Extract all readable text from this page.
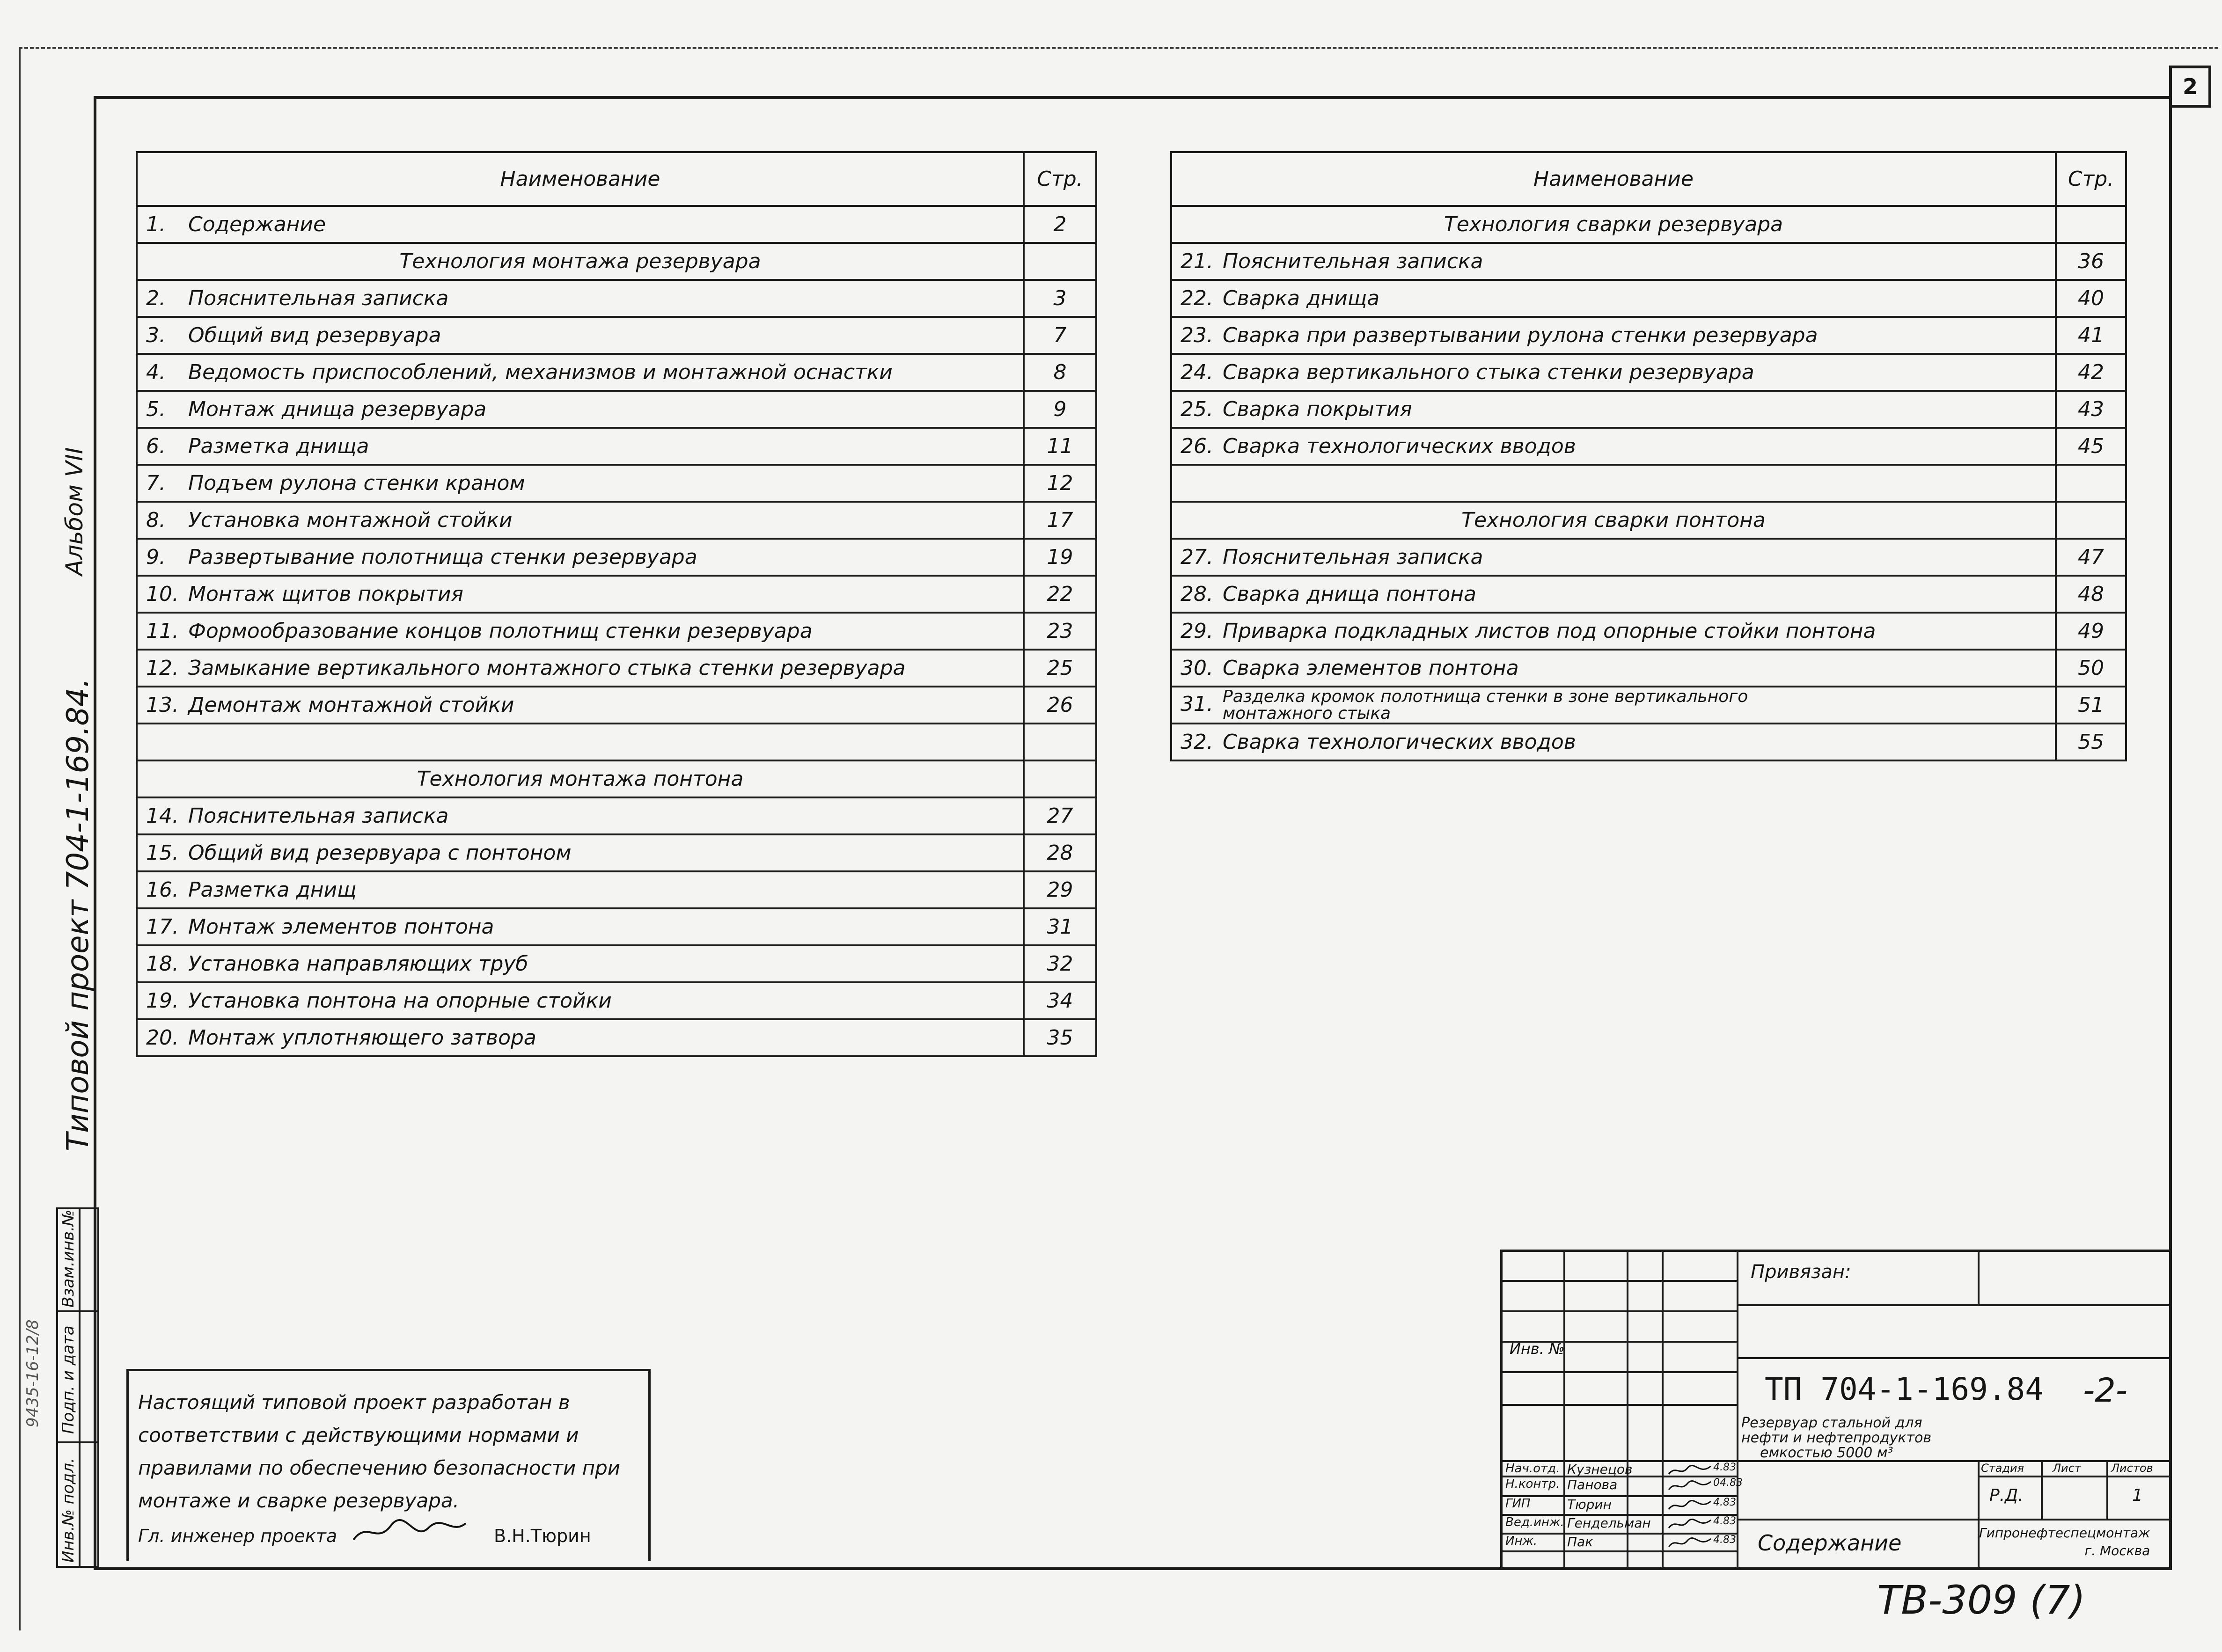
2
Альбом VII
Типовой проект 704-1-169.84.
9435-16-12/8
Взам.инв.№
Подп. и дата
Инв.№ подл.
Наименование	Стр.
1. Содержание	2
Технология монтажа резервуара	
2. Пояснительная записка	3
3. Общий вид резервуара	7
4. Ведомость приспособлений, механизмов и монтажной оснастки	8
5. Монтаж днища резервуара	9
6. Разметка днища	11
7. Подъем рулона стенки краном	12
8. Установка монтажной стойки	17
9. Развертывание полотнища стенки резервуара	19
10. Монтаж щитов покрытия	22
11. Формообразование концов полотнищ стенки резервуара	23
12. Замыкание вертикального монтажного стыка стенки резервуара	25
13. Демонтаж монтажной стойки	26

Технология монтажа понтона	
14. Пояснительная записка	27
15. Общий вид резервуара с понтоном	28
16. Разметка днищ	29
17. Монтаж элементов понтона	31
18. Установка направляющих труб	32
19. Установка понтона на опорные стойки	34
20. Монтаж уплотняющего затвора	35
Наименование	Стр.
Технология сварки резервуара	
21. Пояснительная записка	36
22. Сварка днища	40
23. Сварка при развертывании рулона стенки резервуара	41
24. Сварка вертикального стыка стенки резервуара	42
25. Сварка покрытия	43
26. Сварка технологических вводов	45

Технология сварки понтона	
27. Пояснительная записка	47
28. Сварка днища понтона	48
29. Приварка подкладных листов под опорные стойки понтона	49
30. Сварка элементов понтона	50
31. Разделка кромок полотнища стенки в зоне вертикального
монтажного стыка	51
32. Сварка технологических вводов	55
Настоящий типовой проект разработан в
соответствии с действующими нормами и
правилами по обеспечению безопасности при
монтаже и сварке резервуара.
Гл. инженер проекта	В.Н.Тюрин
Привязан:
Инв. №
ТП 704-1-169.84 -2-
Резервуар стальной для
нефти и нефтепродуктов
емкостью 5000 м³
Стадия	Лист	Листов
Р.Д.	1
Содержание	Гипронефтеспецмонтаж
г. Москва
Нач.отд. Кузнецов	4.83
Н.контр. Панова	04.83
ГИП	Тюрин	4.83
Вед.инж. Гендельман	4.83
Инж. Пак	4.83
ТВ-309 (7)
